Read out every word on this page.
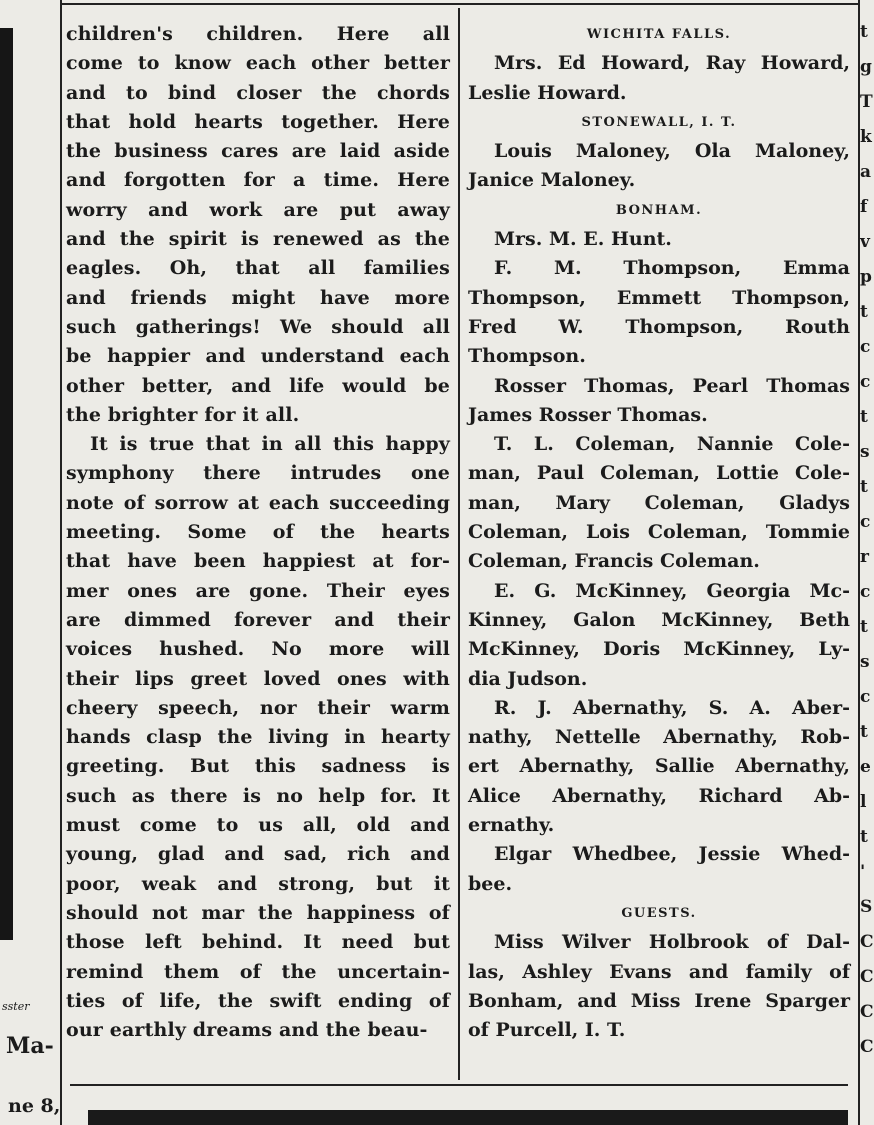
sster
Ma-
ne 8,

children's children. Here all
come to know each other better
and to bind closer the chords
that hold hearts together. Here
the business cares are laid aside
and forgotten for a time. Here
worry and work are put away
and the spirit is renewed as the
eagles. Oh, that all families
and friends might have more
such gatherings! We should all
be happier and understand each
other better, and life would be
the brighter for it all.

It is true that in all this happy
symphony there intrudes one
note of sorrow at each succeeding
meeting. Some of the hearts
that have been happiest at for-
mer ones are gone. Their eyes
are dimmed forever and their
voices hushed. No more will
their lips greet loved ones with
cheery speech, nor their warm
hands clasp the living in hearty
greeting. But this sadness is
such as there is no help for. It
must come to us all, old and
young, glad and sad, rich and
poor, weak and strong, but it
should not mar the happiness of
those left behind. It need but
remind them of the uncertain-
ties of life, the swift ending of
our earthly dreams and the beau-

WICHITA FALLS.
Mrs. Ed Howard, Ray Howard,
Leslie Howard.
STONEWALL, I. T.
Louis Maloney, Ola Maloney,
Janice Maloney.
BONHAM.
Mrs. M. E. Hunt.
F. M. Thompson, Emma
Thompson, Emmett Thompson,
Fred W. Thompson, Routh
Thompson.
Rosser Thomas, Pearl Thomas
James Rosser Thomas.
T. L. Coleman, Nannie Cole-
man, Paul Coleman, Lottie Cole-
man, Mary Coleman, Gladys
Coleman, Lois Coleman, Tommie
Coleman, Francis Coleman.
E. G. McKinney, Georgia Mc-
Kinney, Galon McKinney, Beth
McKinney, Doris McKinney, Ly-
dia Judson.
R. J. Abernathy, S. A. Aber-
nathy, Nettelle Abernathy, Rob-
ert Abernathy, Sallie Abernathy,
Alice Abernathy, Richard Ab-
ernathy.
Elgar Whedbee, Jessie Whed-
bee.
GUESTS.
Miss Wilver Holbrook of Dal-
las, Ashley Evans and family of
Bonham, and Miss Irene Sparger
of Purcell, I. T.
t
g
T
k
a
f
v
p
t
c
c
t
s
t
c
r
c
t
s
c
t
e
l
t
'
S
C
C
C
C
